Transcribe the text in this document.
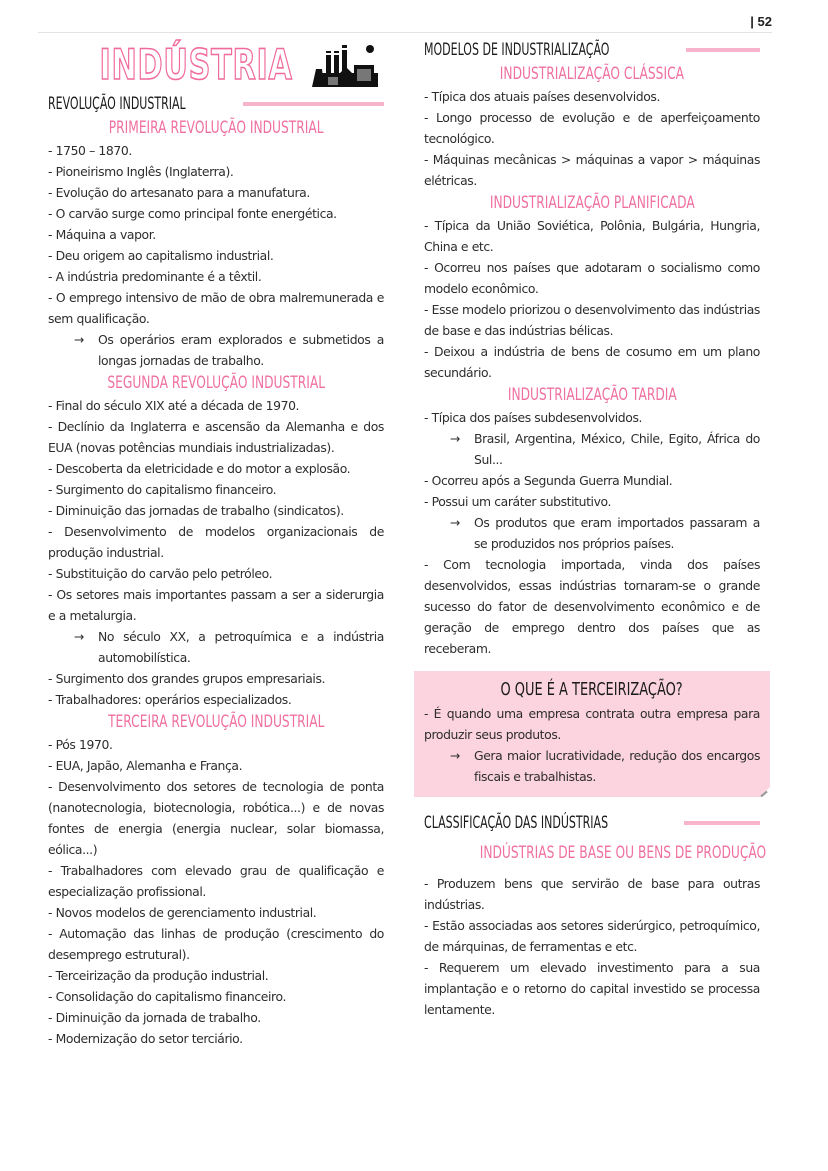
| 52
INDÚSTRIA
REVOLUÇÃO INDUSTRIAL
PRIMEIRA REVOLUÇÃO INDUSTRIAL
- 1750 – 1870.
- Pioneirismo Inglês (Inglaterra).
- Evolução do artesanato para a manufatura.
- O carvão surge como principal fonte energética.
- Máquina a vapor.
- Deu origem ao capitalismo industrial.
- A indústria predominante é a têxtil.
- O emprego intensivo de mão de obra malremunerada e sem qualificação.
→ Os operários eram explorados e submetidos a longas jornadas de trabalho.
SEGUNDA REVOLUÇÃO INDUSTRIAL
- Final do século XIX até a década de 1970.
- Declínio da Inglaterra e ascensão da Alemanha e dos EUA (novas potências mundiais industrializadas).
- Descoberta da eletricidade e do motor a explosão.
- Surgimento do capitalismo financeiro.
- Diminuição das jornadas de trabalho (sindicatos).
- Desenvolvimento de modelos organizacionais de produção industrial.
- Substituição do carvão pelo petróleo.
- Os setores mais importantes passam a ser a siderurgia e a metalurgia.
→ No século XX, a petroquímica e a indústria automobilística.
- Surgimento dos grandes grupos empresariais.
- Trabalhadores: operários especializados.
TERCEIRA REVOLUÇÃO INDUSTRIAL
- Pós 1970.
- EUA, Japão, Alemanha e França.
- Desenvolvimento dos setores de tecnologia de ponta (nanotecnologia, biotecnologia, robótica...) e de novas fontes de energia (energia nuclear, solar biomassa, eólica...)
- Trabalhadores com elevado grau de qualificação e especialização profissional.
- Novos modelos de gerenciamento industrial.
- Automação das linhas de produção (crescimento do desemprego estrutural).
- Terceirização da produção industrial.
- Consolidação do capitalismo financeiro.
- Diminuição da jornada de trabalho.
- Modernização do setor terciário.
MODELOS DE INDUSTRIALIZAÇÃO
INDUSTRIALIZAÇÃO CLÁSSICA
- Típica dos atuais países desenvolvidos.
- Longo processo de evolução e de aperfeiçoamento tecnológico.
- Máquinas mecânicas > máquinas a vapor > máquinas elétricas.
INDUSTRIALIZAÇÃO PLANIFICADA
- Típica da União Soviética, Polônia, Bulgária, Hungria, China e etc.
- Ocorreu nos países que adotaram o socialismo como modelo econômico.
- Esse modelo priorizou o desenvolvimento das indústrias de base e das indústrias bélicas.
- Deixou a indústria de bens de cosumo em um plano secundário.
INDUSTRIALIZAÇÃO TARDIA
- Típica dos países subdesenvolvidos.
→ Brasil, Argentina, México, Chile, Egito, África do Sul...
- Ocorreu após a Segunda Guerra Mundial.
- Possui um caráter substitutivo.
→ Os produtos que eram importados passaram a se produzidos nos próprios países.
- Com tecnologia importada, vinda dos países desenvolvidos, essas indústrias tornaram-se o grande sucesso do fator de desenvolvimento econômico e de geração de emprego dentro dos países que as receberam.
O QUE É A TERCEIRIZAÇÃO?
- É quando uma empresa contrata outra empresa para produzir seus produtos.
→ Gera maior lucratividade, redução dos encargos fiscais e trabalhistas.
CLASSIFICAÇÃO DAS INDÚSTRIAS
INDÚSTRIAS DE BASE OU BENS DE PRODUÇÃO
- Produzem bens que servirão de base para outras indústrias.
- Estão associadas aos setores siderúrgico, petroquímico, de márquinas, de ferramentas e etc.
- Requerem um elevado investimento para a sua implantação e o retorno do capital investido se processa lentamente.
